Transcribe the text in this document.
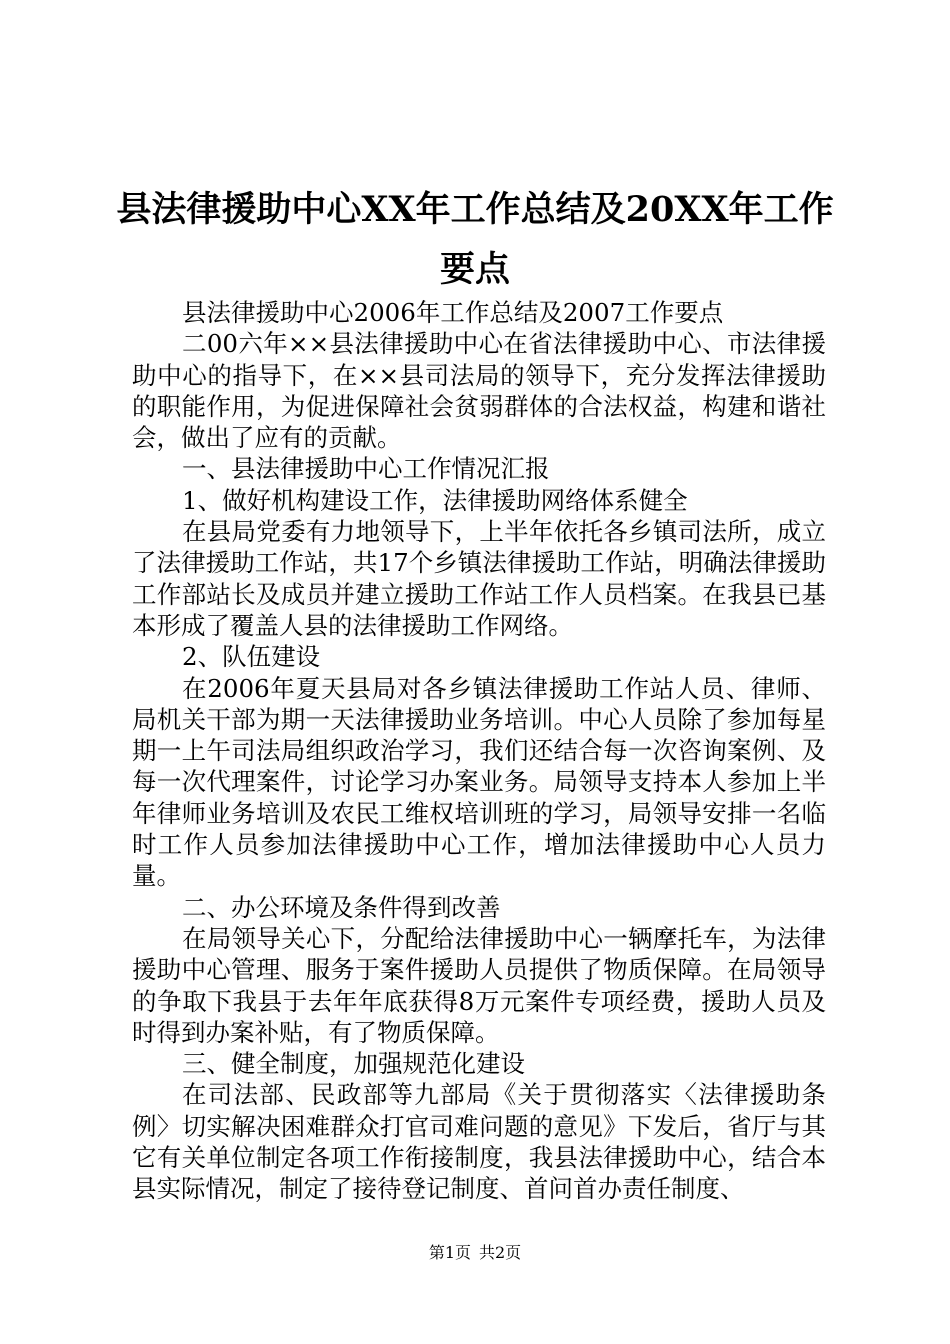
县法律援助中心XX年工作总结及20XX年工作
要点

县法律援助中心2006年工作总结及2007工作要点

二00六年××县法律援助中心在省法律援助中心、市法律援助中心的指导下，在××县司法局的领导下，充分发挥法律援助的职能作用，为促进保障社会贫弱群体的合法权益，构建和谐社会，做出了应有的贡献。

一、县法律援助中心工作情况汇报

1、做好机构建设工作，法律援助网络体系健全

在县局党委有力地领导下，上半年依托各乡镇司法所，成立了法律援助工作站，共17个乡镇法律援助工作站，明确法律援助工作部站长及成员并建立援助工作站工作人员档案。在我县已基本形成了覆盖人县的法律援助工作网络。

2、队伍建设

在2006年夏天县局对各乡镇法律援助工作站人员、律师、局机关干部为期一天法律援助业务培训。中心人员除了参加每星期一上午司法局组织政治学习，我们还结合每一次咨询案例、及每一次代理案件，讨论学习办案业务。局领导支持本人参加上半年律师业务培训及农民工维权培训班的学习，局领导安排一名临时工作人员参加法律援助中心工作，增加法律援助中心人员力量。

二、办公环境及条件得到改善

在局领导关心下，分配给法律援助中心一辆摩托车，为法律援助中心管理、服务于案件援助人员提供了物质保障。在局领导的争取下我县于去年年底获得8万元案件专项经费，援助人员及时得到办案补贴，有了物质保障。

三、健全制度，加强规范化建设

在司法部、民政部等九部局《关于贯彻落实〈法律援助条例〉切实解决困难群众打官司难问题的意见》下发后，省厅与其它有关单位制定各项工作衔接制度，我县法律援助中心，结合本县实际情况，制定了接待登记制度、首问首办责任制度、

第1页 共2页
